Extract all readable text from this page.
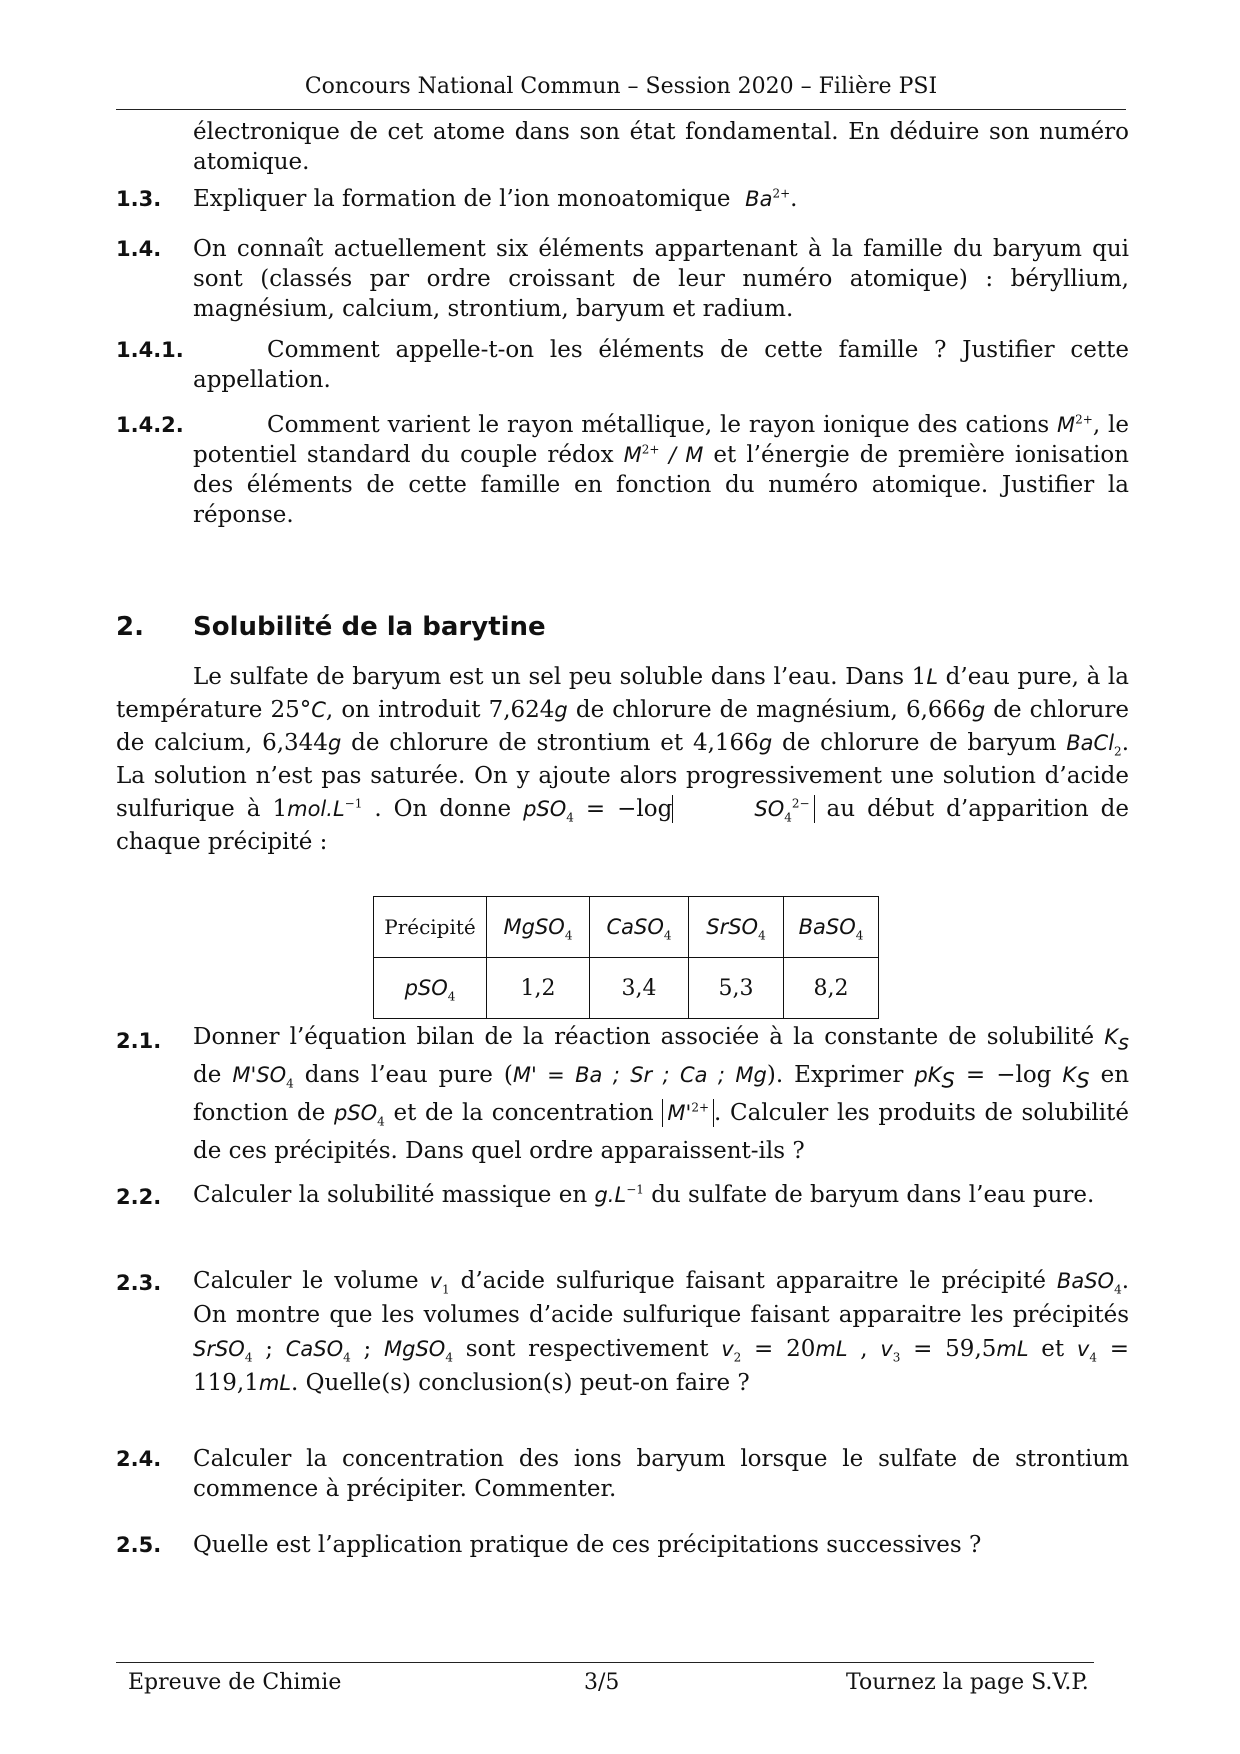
Concours National Commun – Session 2020 – Filière PSI
électronique de cet atome dans son état fondamental. En déduire son numéro atomique.
1.3. Expliquer la formation de l’ion monoatomique $Ba^{2+}$.
1.4. On connaît actuellement six éléments appartenant à la famille du baryum qui sont (classés par ordre croissant de leur numéro atomique) : béryllium, magnésium, calcium, strontium, baryum et radium.
1.4.1.	Comment appelle-t-on les éléments de cette famille ? Justifier cette appellation.
1.4.2.	Comment varient le rayon métallique, le rayon ionique des cations $M^{2+}$, le potentiel standard du couple rédox $M^{2+}$ / M et l’énergie de première ionisation des éléments de cette famille en fonction du numéro atomique. Justifier la réponse.
2. Solubilité de la barytine
Le sulfate de baryum est un sel peu soluble dans l’eau. Dans 1L d’eau pure, à la température 25°C, on introduit 7,624g de chlorure de magnésium, 6,666g de chlorure de calcium, 6,344g de chlorure de strontium et 4,166g de chlorure de baryum BaCl$_2$. La solution n’est pas saturée. On y ajoute alors progressivement une solution d’acide sulfurique à $1mol.L^{-1}$ . On donne pSO$_4$ = −log	$SO_4^{2-}$ au début d’apparition de chaque précipité :
Précipité	MgSO$_4$	CaSO$_4$	SrSO$_4$	BaSO$_4$
pSO$_4$	1,2	3,4	5,3	8,2
2.1. Donner l’équation bilan de la réaction associée à la constante de solubilité $K_s$ de $M'SO_4$ dans l’eau pure (M' = Ba ; Sr ; Ca ; Mg). Exprimer $pK_S = -\log$ $K_S$ en fonction de pSO$_4$ et de la concentration $M'^{2+}$ . Calculer les produits de solubilité de ces précipités. Dans quel ordre apparaissent-ils ?
2.2. Calculer la solubilité massique en $g.L^{-1}$ du sulfate de baryum dans l’eau pure.
2.3. Calculer le volume $v_1$ d’acide sulfurique faisant apparaitre le précipité BaSO$_4$. On montre que les volumes d’acide sulfurique faisant apparaitre les précipités SrSO$_4$ ; CaSO$_4$ ; MgSO$_4$ sont respectivement $v_2 = 20mL$ , $v_3 = 59,5mL$ et $v_4 = 119,1mL$. Quelle(s) conclusion(s) peut-on faire ?
2.4. Calculer la concentration des ions baryum lorsque le sulfate de strontium commence à précipiter. Commenter.
2.5. Quelle est l’application pratique de ces précipitations successives ?
Epreuve de Chimie	3/5	Tournez la page S.V.P.
